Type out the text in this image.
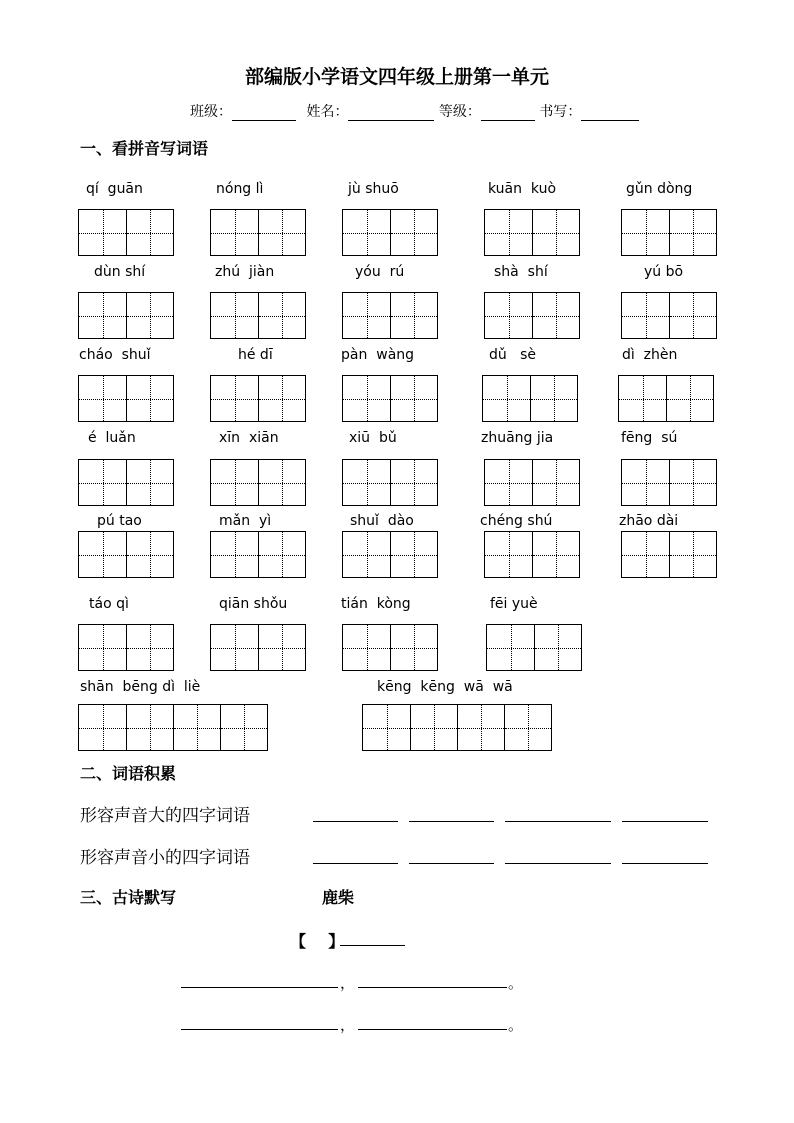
部编版小学语文四年级上册第一单元
班级：	姓名：	等级：	书写：
一、看拼音写词语
qí  guān	nóng lì	jù shuō	kuān  kuò	gǔn dòng
dùn shí	zhú  jiàn	yóu  rú	shà  shí	yú bō
cháo  shuǐ	hé dī	pàn  wàng	dǔ   sè	dì  zhèn
é  luǎn	xīn  xiān	xiū  bǔ	zhuāng jia	fēng  sú
pú tao	mǎn  yì	shuǐ  dào	chéng shú	zhāo dài
táo qì	qiān shǒu	tián  kòng	fēi yuè
shān  bēng dì  liè	kēng  kēng  wā  wā
二、词语积累
形容声音大的四字词语
形容声音小的四字词语
三、古诗默写	鹿柴
【    】
，	。
，	。
